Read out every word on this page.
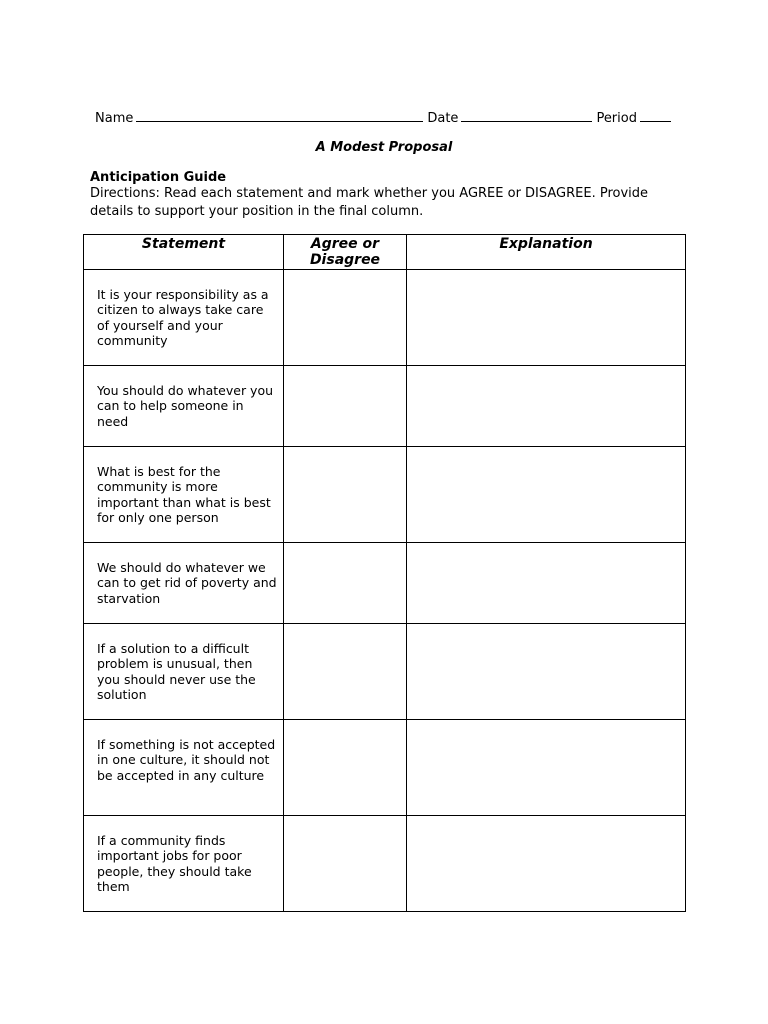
Name	Date	Period
A Modest Proposal
Anticipation Guide
Directions: Read each statement and mark whether you AGREE or DISAGREE. Provide details to support your position in the final column.
Statement	Agree or Disagree	Explanation
It is your responsibility as a citizen to always take care of yourself and your community		
You should do whatever you can to help someone in need		
What is best for the community is more important than what is best for only one person		
We should do whatever we can to get rid of poverty and starvation		
If a solution to a difficult problem is unusual, then you should never use the solution		
If something is not accepted in one culture, it should not be accepted in any culture		
If a community finds important jobs for poor people, they should take them		
